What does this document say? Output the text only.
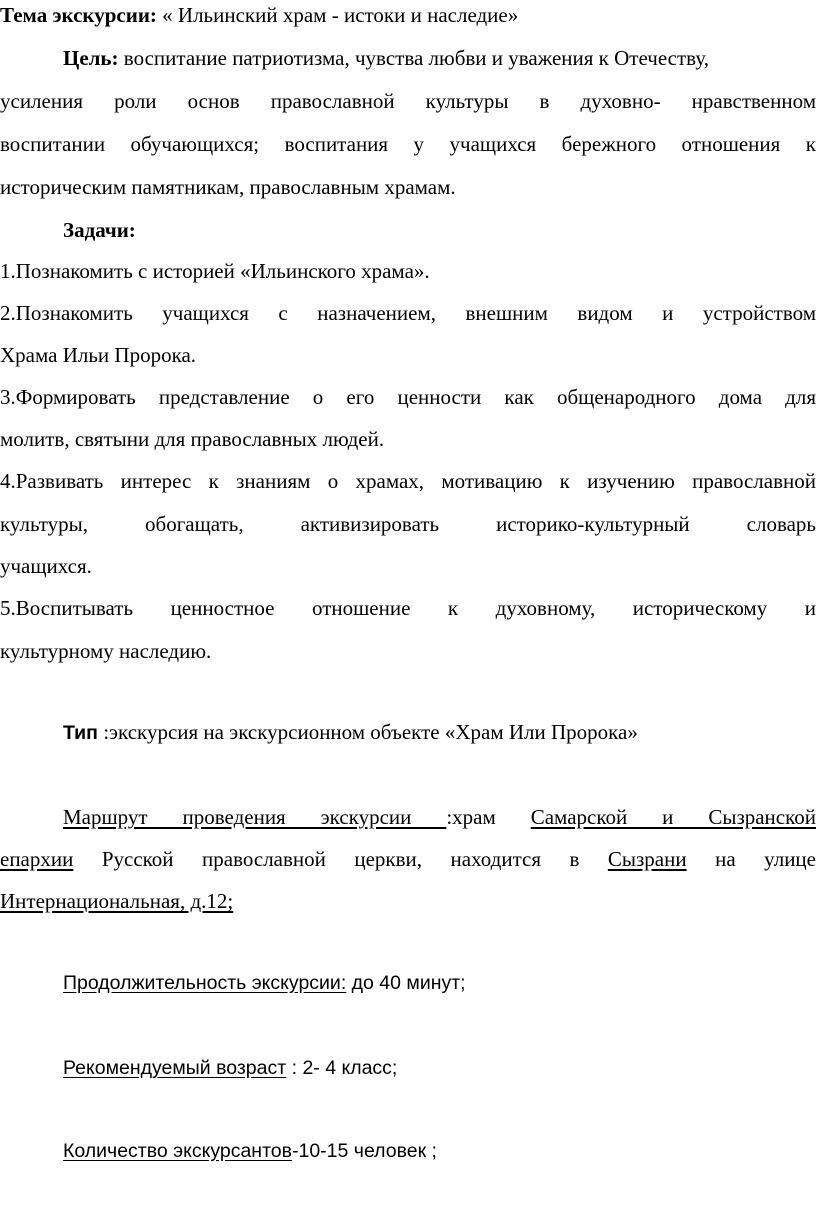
Тема экскурсии: « Ильинский храм - истоки и наследие»
Цель: воспитание патриотизма, чувства любви и уважения к Отечеству,
усиления роли основ православной культуры в духовно- нравственном
воспитании обучающихся; воспитания у учащихся бережного отношения к
историческим памятникам, православным храмам.
Задачи:
1.Познакомить с историей «Ильинского храма».
2.Познакомить учащихся с назначением, внешним видом и устройством
Храма Ильи Пророка.
3.Формировать представление о его ценности как общенародного дома для
молитв, святыни для православных людей.
4.Развивать интерес к знаниям о храмах, мотивацию к изучению православной
культуры, обогащать, активизировать историко-культурный словарь
учащихся.
5.Воспитывать ценностное отношение к духовному, историческому и
культурному наследию.
Тип :экскурсия на экскурсионном объекте «Храм Или Пророка»
Маршрут проведения экскурсии :храм Самарской и Сызранской
епархии Русской православной церкви, находится в Сызрани на улице
Интернациональная, д.12;
Продолжительность экскурсии: до 40 минут;
Рекомендуемый возраст : 2- 4 класс;
Количество экскурсантов-10-15 человек ;
